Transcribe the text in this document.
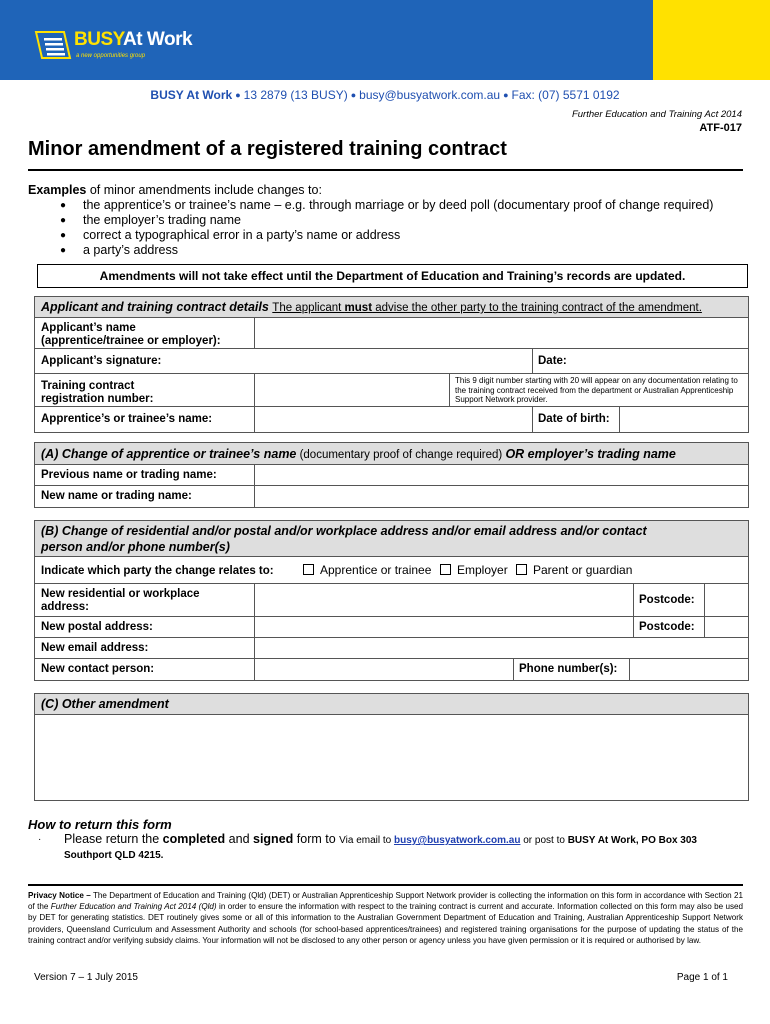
BUSYAt Work
a new opportunities group
BUSY At Work ● 13 2879 (13 BUSY) ● busy@busyatwork.com.au ● Fax: (07) 5571 0192
Further Education and Training Act 2014
ATF-017
Minor amendment of a registered training contract
Examples of minor amendments include changes to:
● the apprentice’s or trainee’s name – e.g. through marriage or by deed poll (documentary proof of change required)
● the employer’s trading name
● correct a typographical error in a party’s name or address
● a party’s address
Amendments will not take effect until the Department of Education and Training’s records are updated.
Applicant and training contract details The applicant must advise the other party to the training contract of the amendment.
Applicant’s name
(apprentice/trainee or employer):
Applicant’s signature:	Date:
Training contract
registration number:
This 9 digit number starting with 20 will appear on any documentation relating to the training contract received from the department or Australian Apprenticeship Support Network provider.
Apprentice’s or trainee’s name:	Date of birth:
(A) Change of apprentice or trainee’s name (documentary proof of change required) OR employer’s trading name
Previous name or trading name:
New name or trading name:
(B) Change of residential and/or postal and/or workplace address and/or email address and/or contact
person and/or phone number(s)
Indicate which party the change relates to:	Apprentice or trainee	Employer	Parent or guardian
New residential or workplace
address:
Postcode:
New postal address:	Postcode:
New email address:
New contact person:	Phone number(s):
(C) Other amendment
How to return this form
· Please return the completed and signed form to Via email to busy@busyatwork.com.au or post to BUSY At Work, PO Box 303
Southport QLD 4215.
Privacy Notice – The Department of Education and Training (Qld) (DET) or Australian Apprenticeship Support Network provider is collecting the information on this form in accordance with Section 21 of the Further Education and Training Act 2014 (Qld) in order to ensure the information with respect to the training contract is current and accurate. Information collected on this form may also be used by DET for generating statistics. DET routinely gives some or all of this information to the Australian Government Department of Education and Training, Australian Apprenticeship Support Network providers, Queensland Curriculum and Assessment Authority and schools (for school-based apprentices/trainees) and registered training organisations for the purpose of updating the status of the training contract and/or verifying subsidy claims. Your information will not be disclosed to any other person or agency unless you have given permission or it is required or authorised by law.
Version 7 – 1 July 2015	Page 1 of 1
